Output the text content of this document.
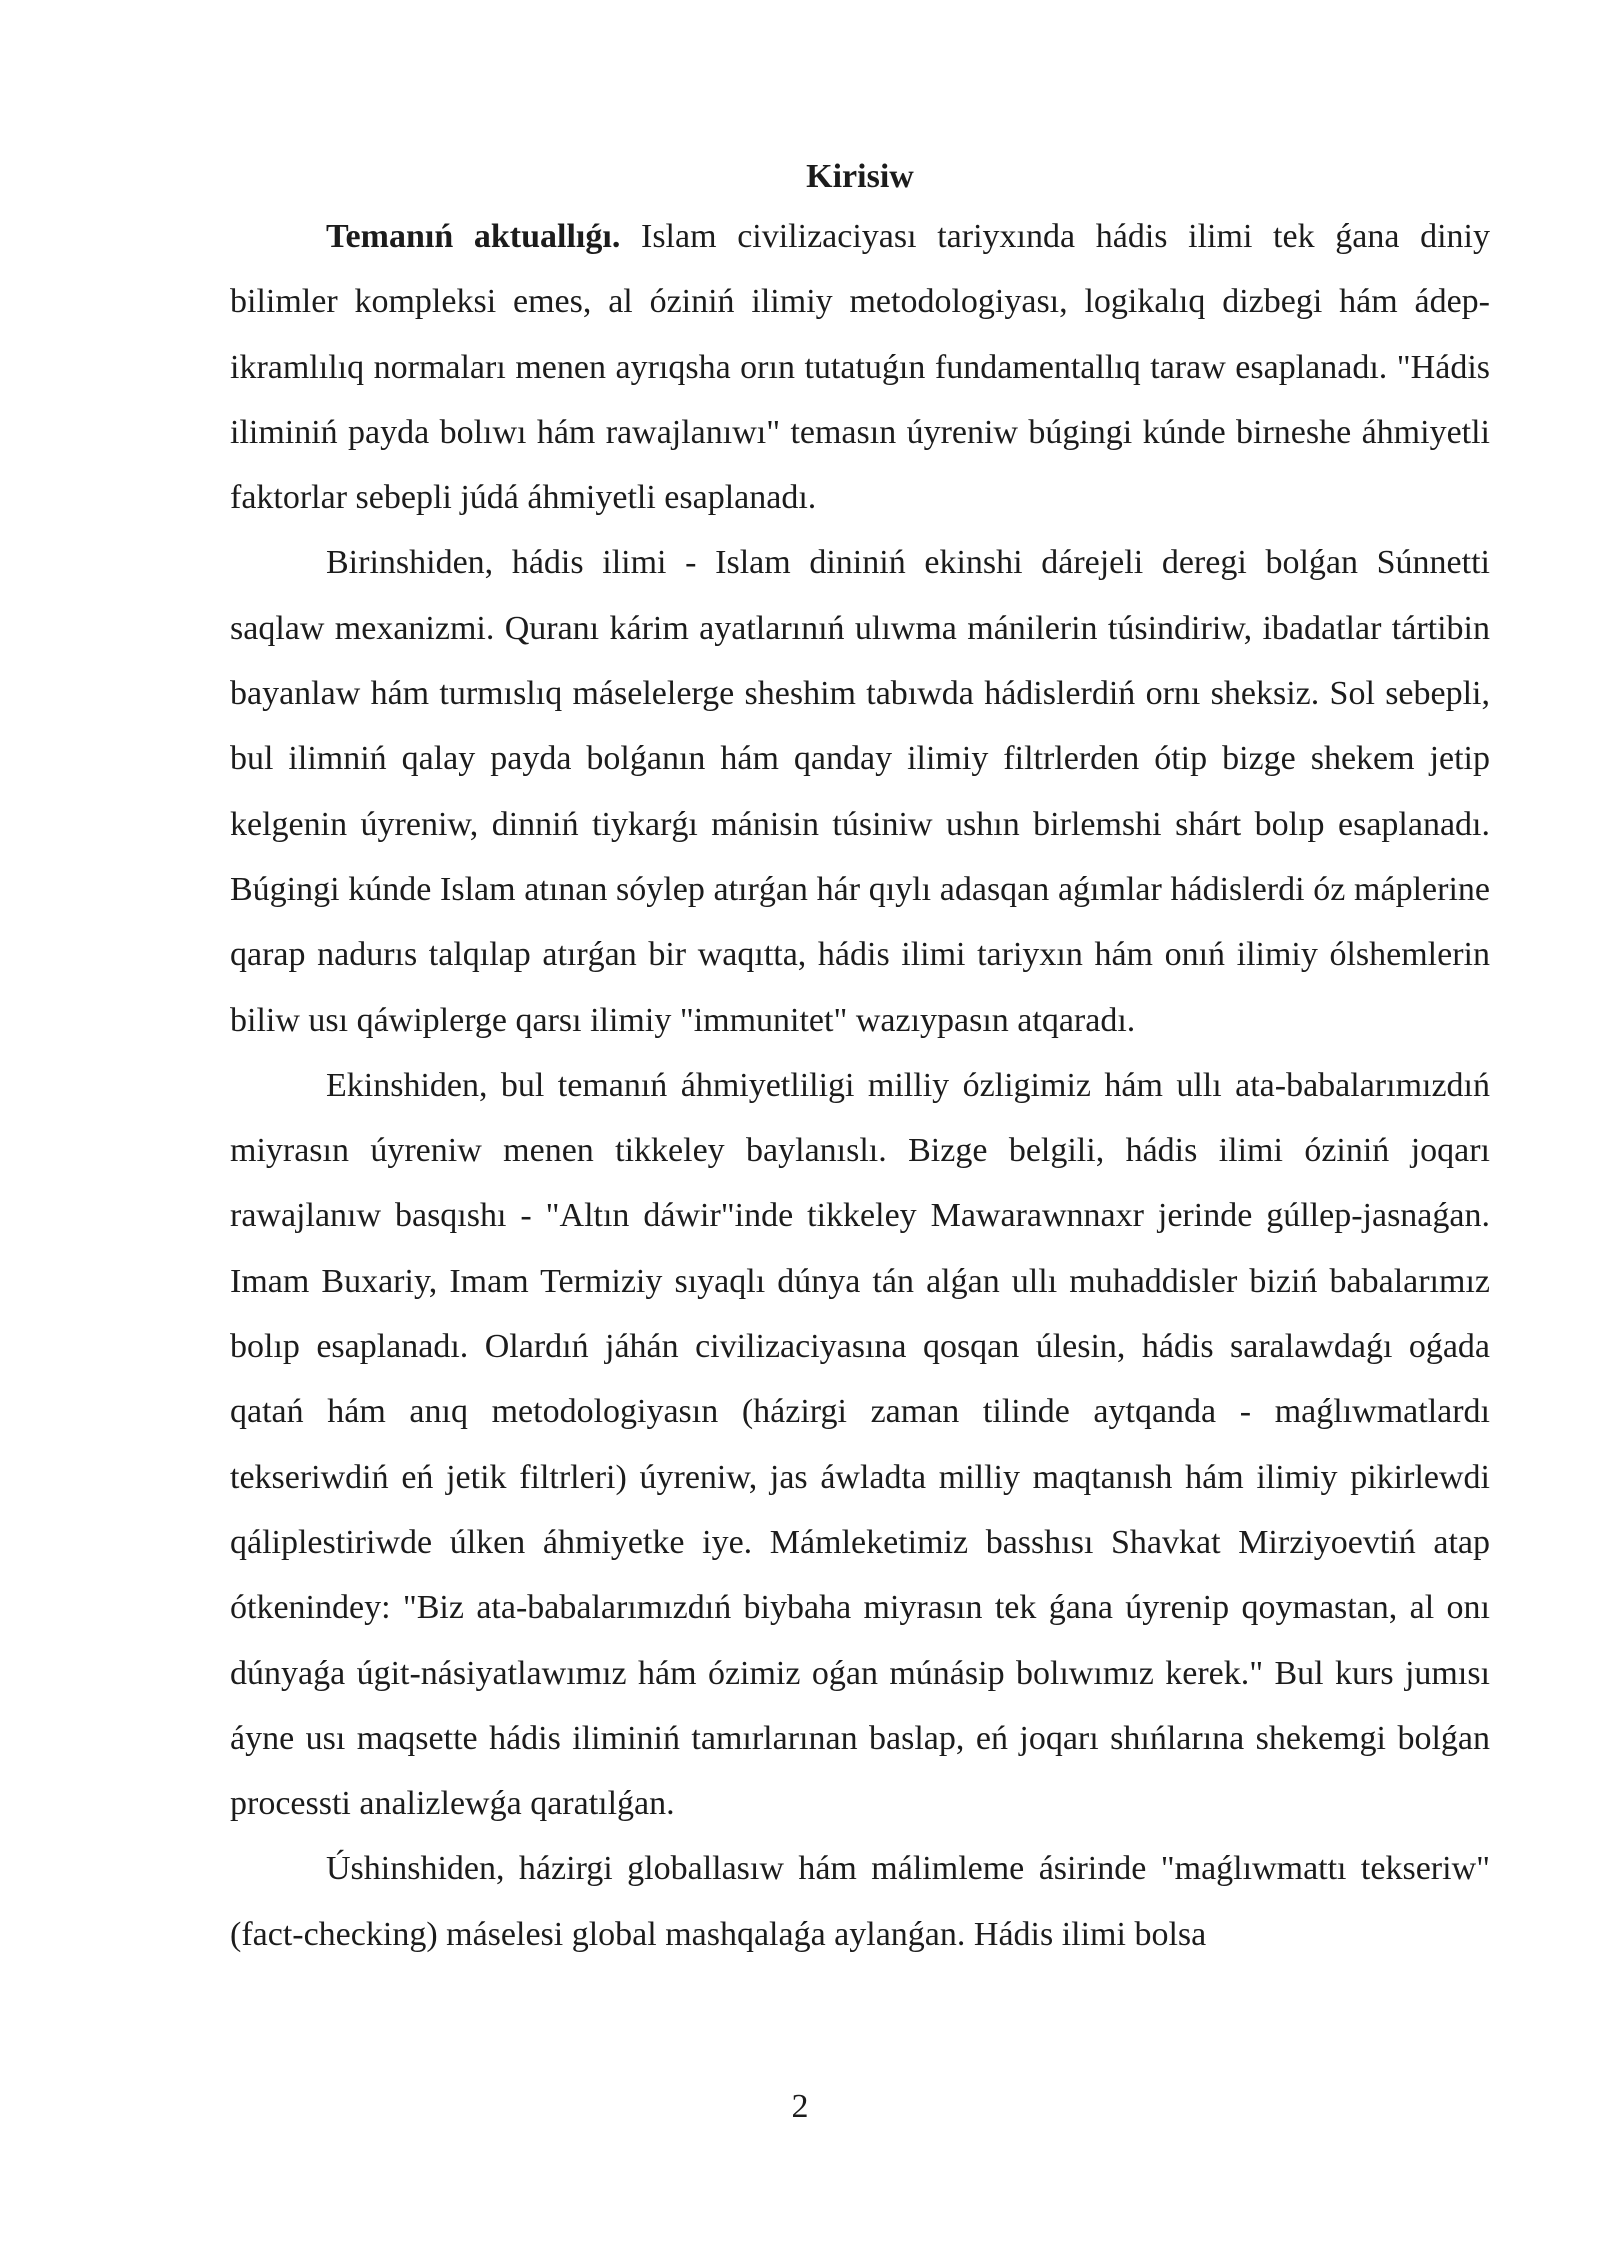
Kirisiw

Temanıń aktuallıǵı. Islam civilizaciyası tariyxında hádis ilimi tek ǵana diniy bilimler kompleksi emes, al óziniń ilimiy metodologiyası, logikalıq dizbegi hám ádep-ikramlılıq normaları menen ayrıqsha orın tutatuǵın fundamentallıq taraw esaplanadı. "Hádis iliminiń payda bolıwı hám rawajlanıwı" temasın úyreniw búgingi kúnde birneshe áhmiyetli faktorlar sebepli júdá áhmiyetli esaplanadı.

Birinshiden, hádis ilimi - Islam dininiń ekinshi dárejeli deregi bolǵan Súnnetti saqlaw mexanizmi. Quranı kárim ayatlarınıń ulıwma mánilerin túsindiriw, ibadatlar tártibin bayanlaw hám turmıslıq máselelerge sheshim tabıwda hádislerdiń ornı sheksiz. Sol sebepli, bul ilimniń qalay payda bolǵanın hám qanday ilimiy filtrlerden ótip bizge shekem jetip kelgenin úyreniw, dinniń tiykarǵı mánisin túsiniw ushın birlemshi shárt bolıp esaplanadı. Búgingi kúnde Islam atınan sóylep atırǵan hár qıylı adasqan aǵımlar hádislerdi óz máplerine qarap nadurıs talqılap atırǵan bir waqıtta, hádis ilimi tariyxın hám onıń ilimiy ólshemlerin biliw usı qáwiplerge qarsı ilimiy "immunitet" wazıypasın atqaradı.

Ekinshiden, bul temanıń áhmiyetliligi milliy ózligimiz hám ullı ata-babalarımızdıń miyrasın úyreniw menen tikkeley baylanıslı. Bizge belgili, hádis ilimi óziniń joqarı rawajlanıw basqıshı - "Altın dáwir"inde tikkeley Mawarawnnaxr jerinde gúllep-jasnaǵan. Imam Buxariy, Imam Termiziy sıyaqlı dúnya tán alǵan ullı muhaddisler biziń babalarımız bolıp esaplanadı. Olardıń jáhán civilizaciyasına qosqan úlesin, hádis saralawdaǵı oǵada qatań hám anıq metodologiyasın (házirgi zaman tilinde aytqanda - maǵlıwmatlardı tekseriwdiń eń jetik filtrleri) úyreniw, jas áwladta milliy maqtanısh hám ilimiy pikirlewdi qáliplestiriwde úlken áhmiyetke iye. Mámleketimiz basshısı Shavkat Mirziyoevtiń atap ótkenindey: "Biz ata-babalarımızdıń biybaha miyrasın tek ǵana úyrenip qoymastan, al onı dúnyaǵa úgit-násiyatlawımız hám ózimiz oǵan múnásip bolıwımız kerek." Bul kurs jumısı áyne usı maqsette hádis iliminiń tamırlarınan baslap, eń joqarı shıńlarına shekemgi bolǵan processti analizlewǵa qaratılǵan.

Úshinshiden, házirgi globallasıw hám málimleme ásirinde "maǵlıwmattı tekseriw" (fact-checking) máselesi global mashqalaǵa aylanǵan. Hádis ilimi bolsa

2
